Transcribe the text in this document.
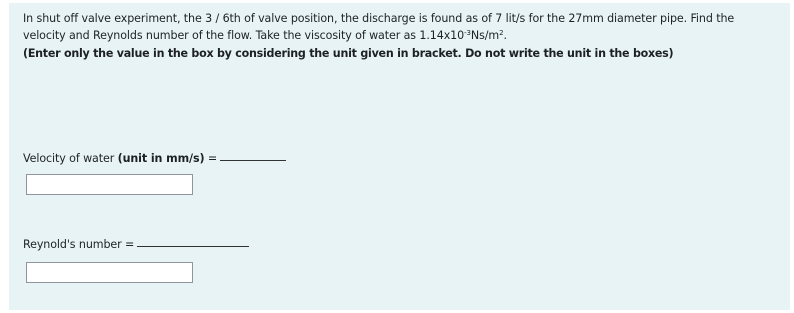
In shut off valve experiment, the 3 / 6th of valve position, the discharge is found as of 7 lit/s for the 27mm diameter pipe. Find the velocity and Reynolds number of the flow. Take the viscosity of water as $1.14x10^{-3}Ns/m^2$.

(Enter only the value in the box by considering the unit given in bracket. Do not write the unit in the boxes)

Velocity of water (unit in mm/s) =
Reynold's number =
